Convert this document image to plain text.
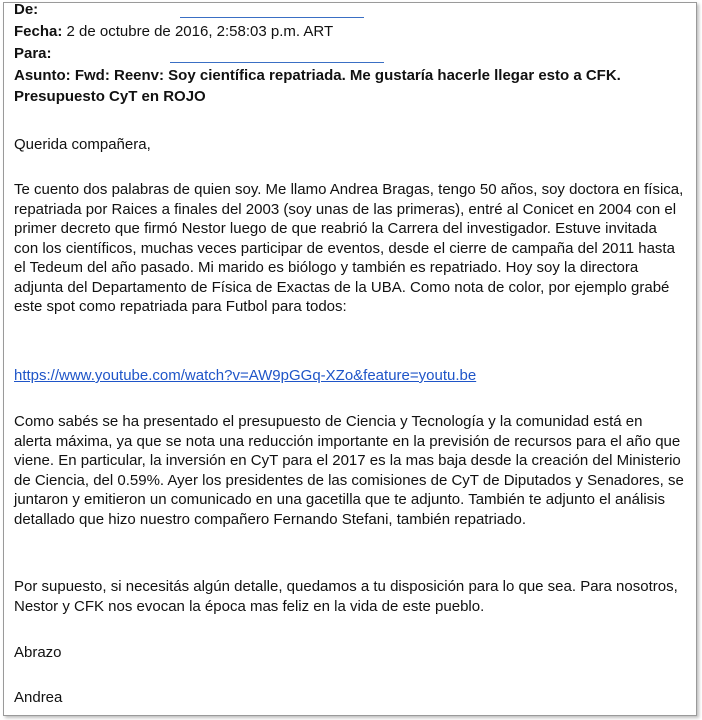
De:
Fecha: 2 de octubre de 2016, 2:58:03 p.m. ART
Para:
Asunto: Fwd: Reenv: Soy científica repatriada. Me gustaría hacerle llegar esto a CFK.
Presupuesto CyT en ROJO

Querida compañera,

Te cuento dos palabras de quien soy. Me llamo Andrea Bragas, tengo 50 años, soy doctora en física, repatriada por Raices a finales del 2003 (soy unas de las primeras), entré al Conicet en 2004 con el primer decreto que firmó Nestor luego de que reabrió la Carrera del investigador. Estuve invitada con los científicos, muchas veces participar de eventos, desde el cierre de campaña del 2011 hasta el Tedeum del año pasado. Mi marido es biólogo y también es repatriado. Hoy soy la directora adjunta del Departamento de Física de Exactas de la UBA. Como nota de color, por ejemplo grabé este spot como repatriada para Futbol para todos:

https://www.youtube.com/watch?v=AW9pGGq-XZo&feature=youtu.be

Como sabés se ha presentado el presupuesto de Ciencia y Tecnología y la comunidad está en alerta máxima, ya que se nota una reducción importante en la previsión de recursos para el año que viene. En particular, la inversión en CyT para el 2017 es la mas baja desde la creación del Ministerio de Ciencia, del 0.59%. Ayer los presidentes de las comisiones de CyT de Diputados y Senadores, se juntaron y emitieron un comunicado en una gacetilla que te adjunto. También te adjunto el análisis detallado que hizo nuestro compañero Fernando Stefani, también repatriado.

Por supuesto, si necesitás algún detalle, quedamos a tu disposición para lo que sea. Para nosotros, Nestor y CFK nos evocan la época mas feliz en la vida de este pueblo.

Abrazo

Andrea
